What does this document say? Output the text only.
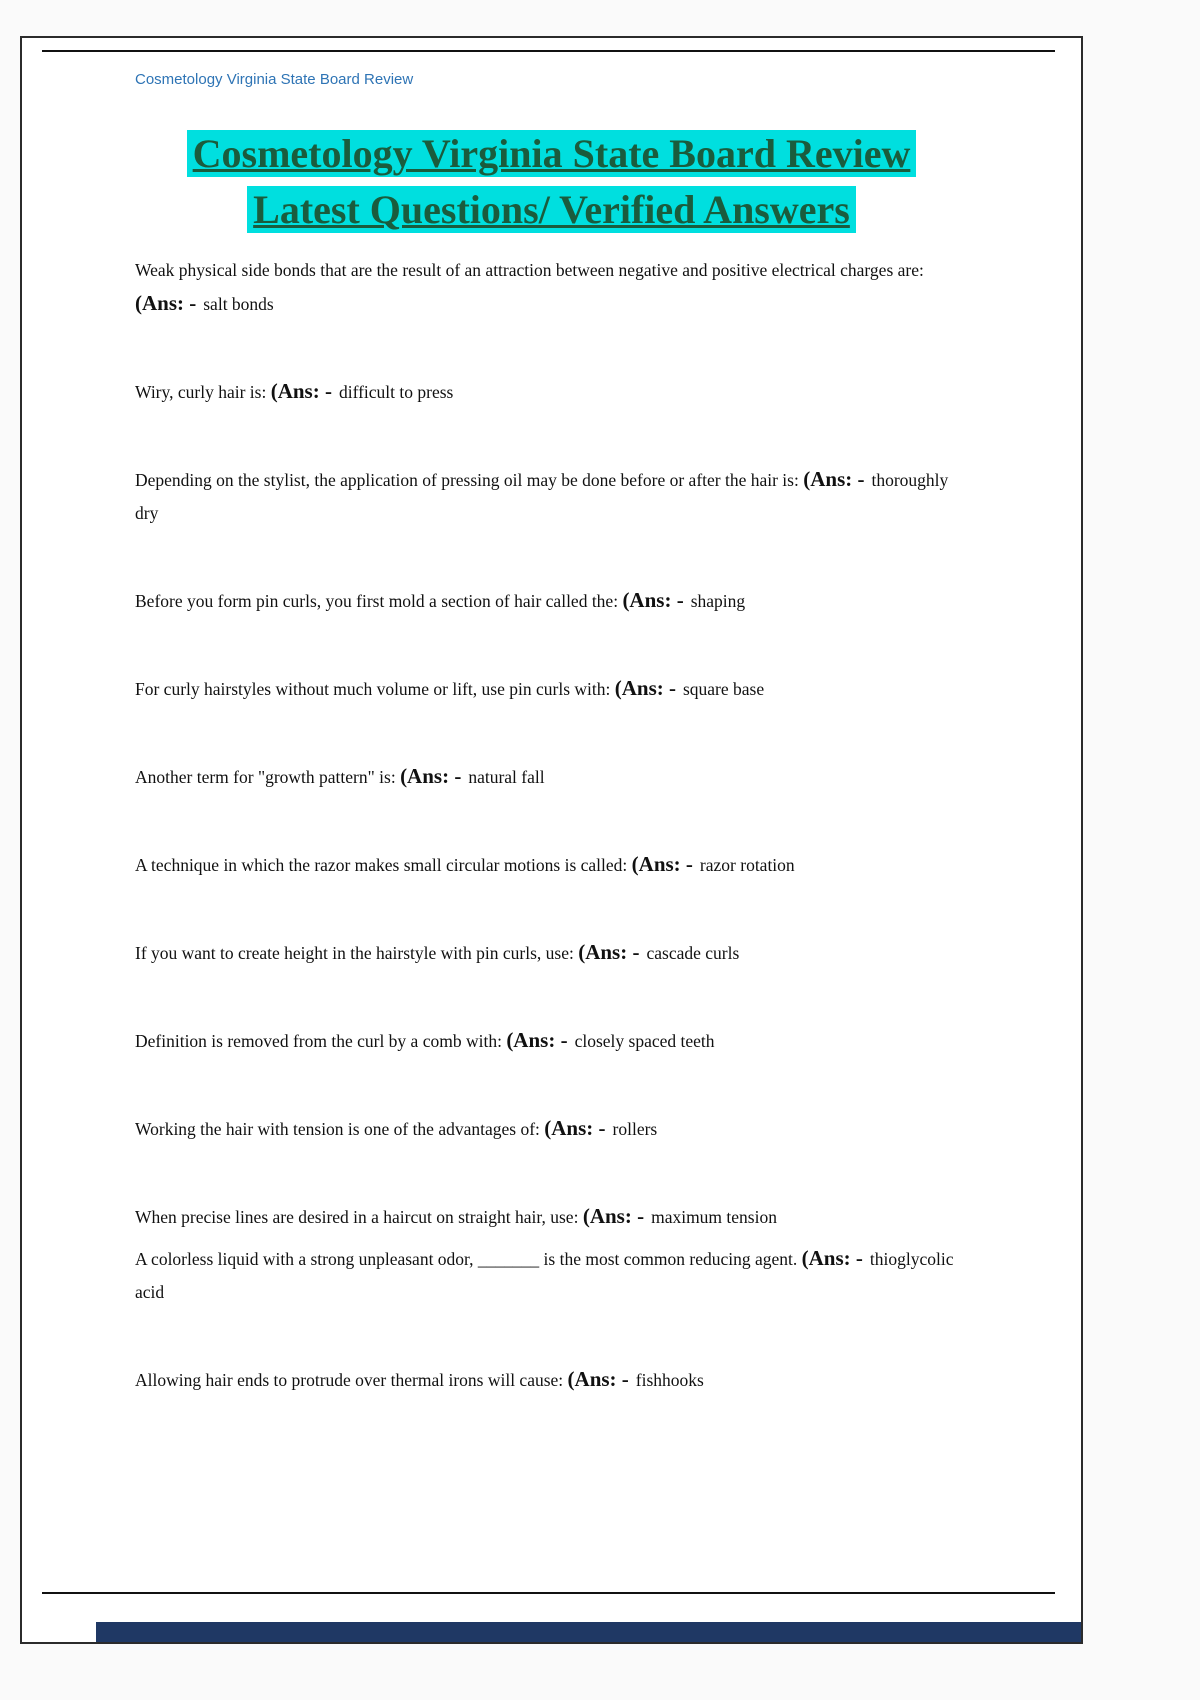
Cosmetology Virginia State Board Review
Cosmetology Virginia State Board Review
Latest Questions/ Verified Answers

Weak physical side bonds that are the result of an attraction between negative and positive electrical charges are: (Ans: - salt bonds

Wiry, curly hair is: (Ans: - difficult to press

Depending on the stylist, the application of pressing oil may be done before or after the hair is: (Ans: - thoroughly dry

Before you form pin curls, you first mold a section of hair called the: (Ans: - shaping

For curly hairstyles without much volume or lift, use pin curls with: (Ans: - square base

Another term for "growth pattern" is: (Ans: - natural fall

A technique in which the razor makes small circular motions is called: (Ans: - razor rotation

If you want to create height in the hairstyle with pin curls, use: (Ans: - cascade curls

Definition is removed from the curl by a comb with: (Ans: - closely spaced teeth

Working the hair with tension is one of the advantages of: (Ans: - rollers

When precise lines are desired in a haircut on straight hair, use: (Ans: - maximum tension

A colorless liquid with a strong unpleasant odor, _______ is the most common reducing agent. (Ans: - thioglycolic acid

Allowing hair ends to protrude over thermal irons will cause: (Ans: - fishhooks
